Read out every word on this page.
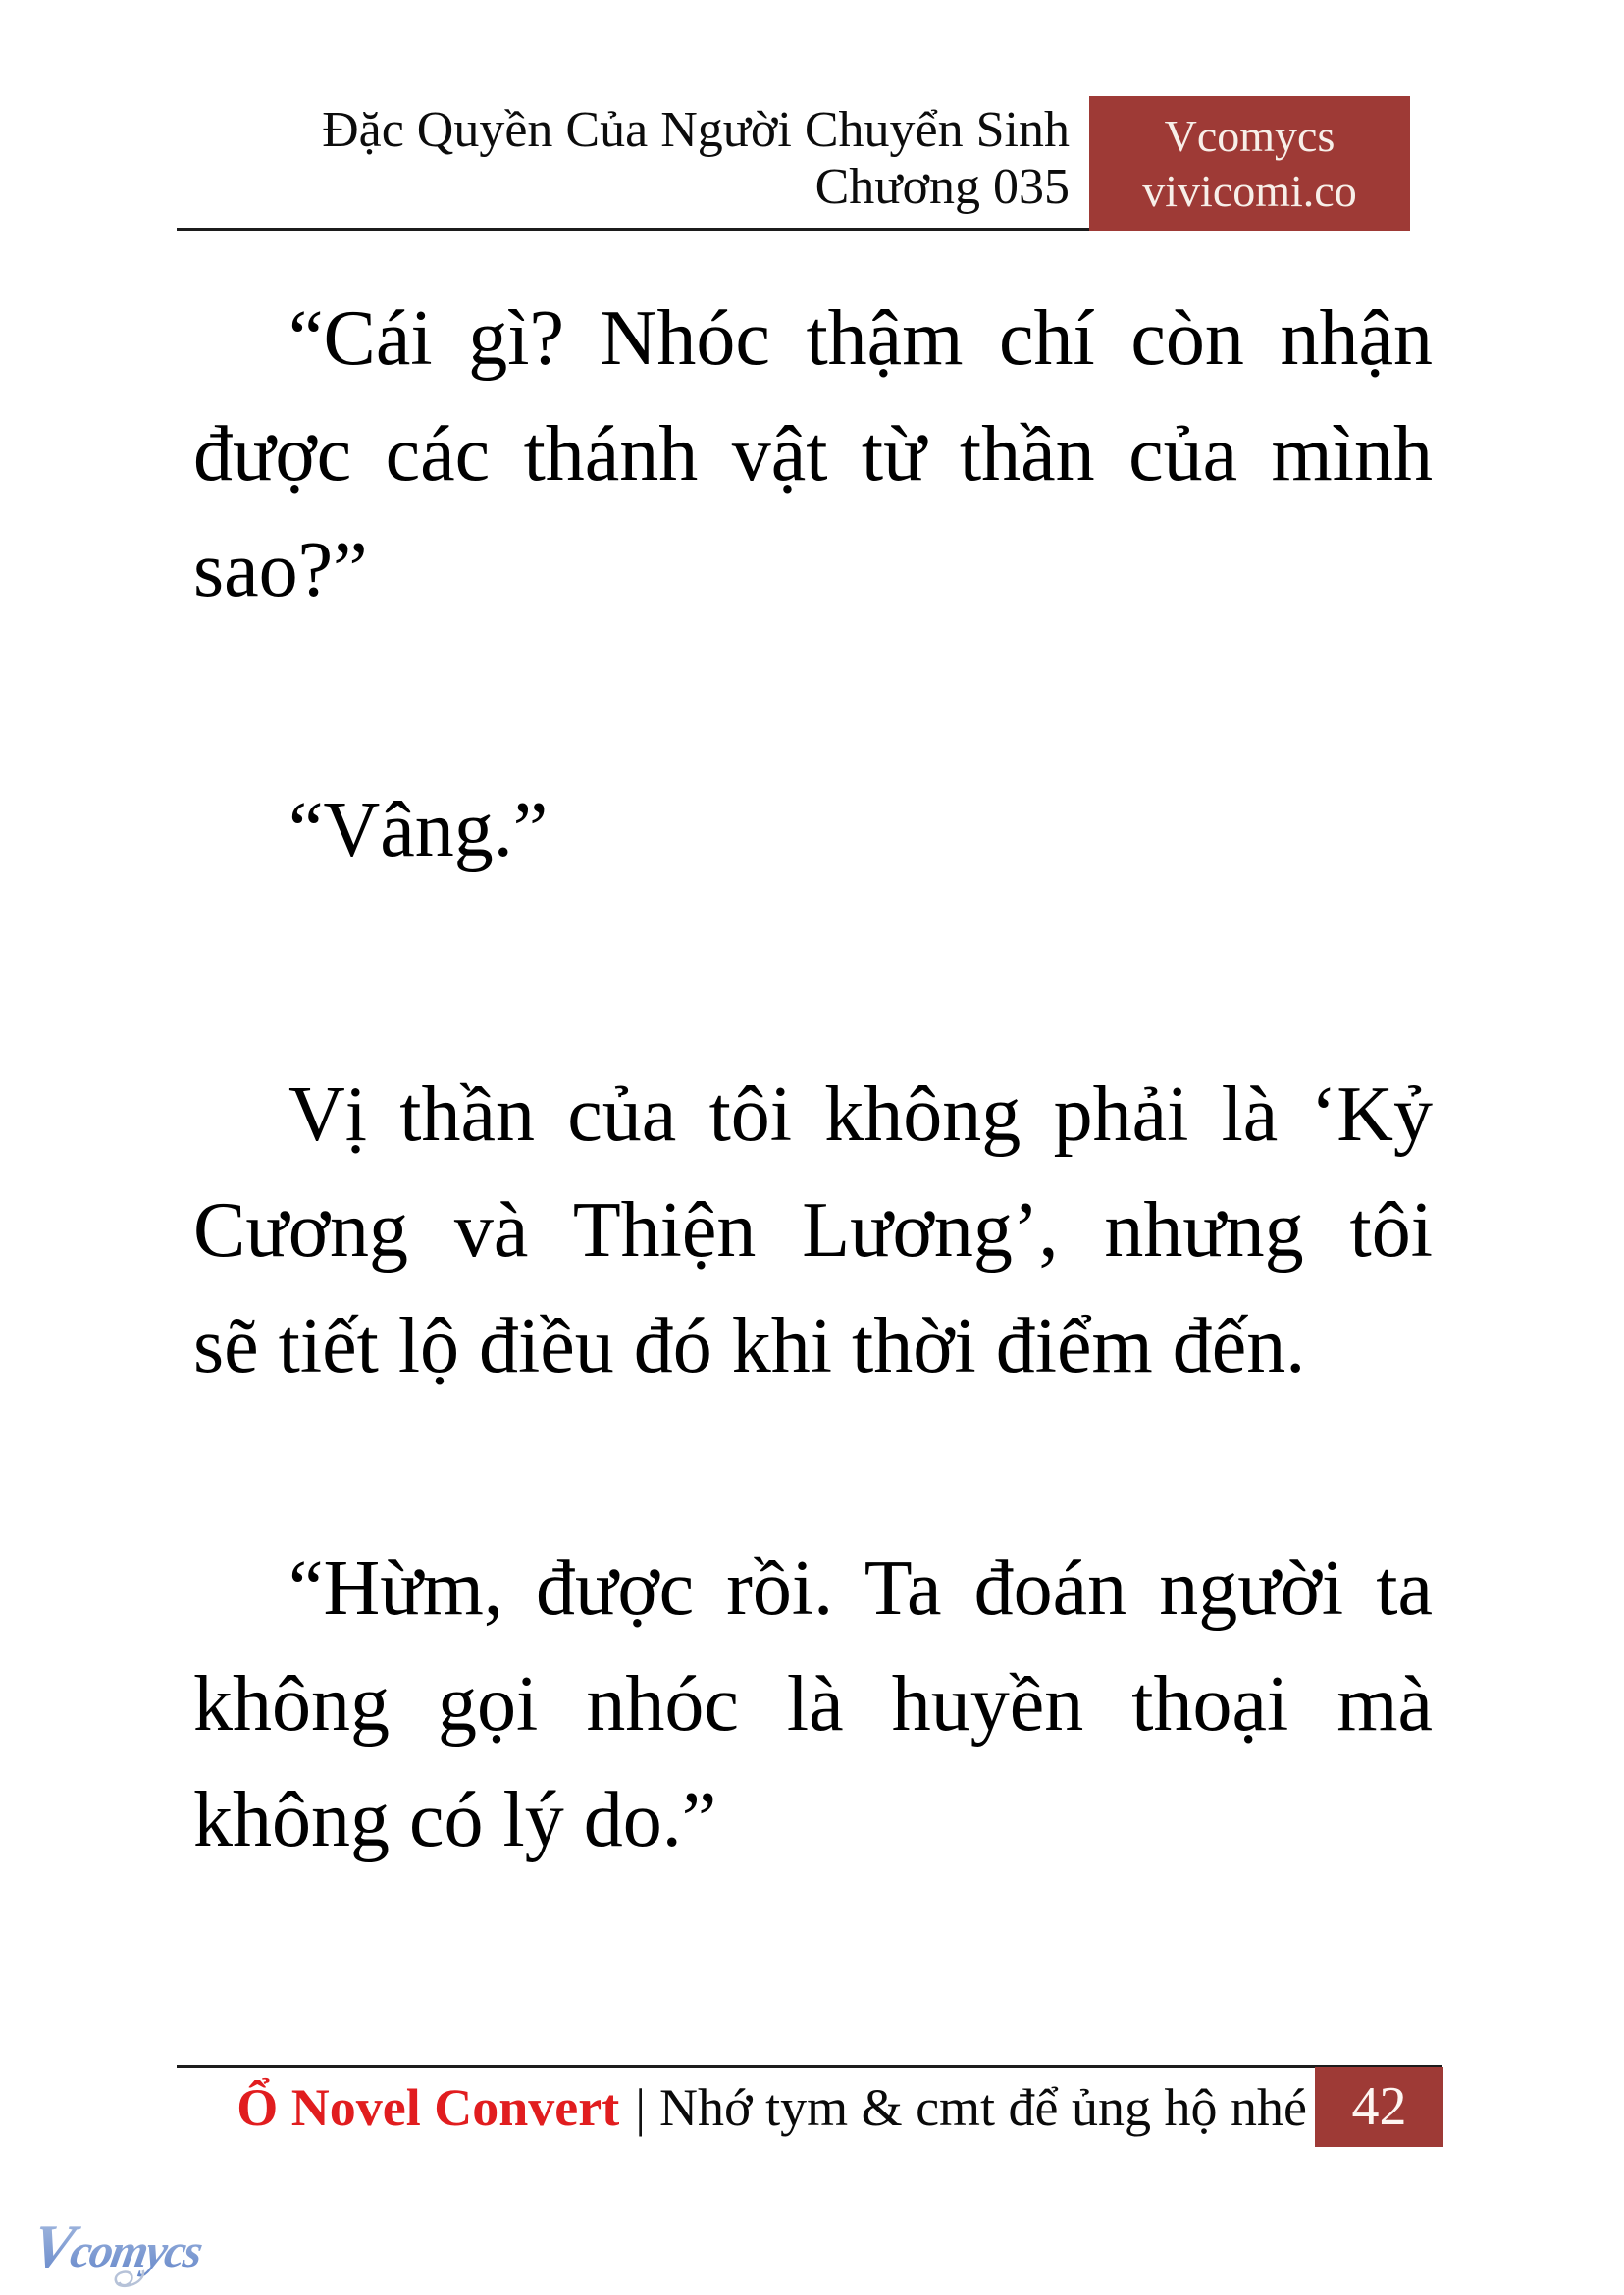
Đặc Quyền Của Người Chuyển Sinh
Chương 035
Vcomycs
vivicomi.co
“Cái gì? Nhóc thậm chí còn nhận
được các thánh vật từ thần của mình
sao?”
“Vâng.”
Vị thần của tôi không phải là ‘Kỷ
Cương và Thiện Lương’, nhưng tôi
sẽ tiết lộ điều đó khi thời điểm đến.
“Hừm, được rồi. Ta đoán người ta
không gọi nhóc là huyền thoại mà
không có lý do.”
Ổ Novel Convert | Nhớ tym & cmt để ủng hộ nhé 42
Vcomycs
